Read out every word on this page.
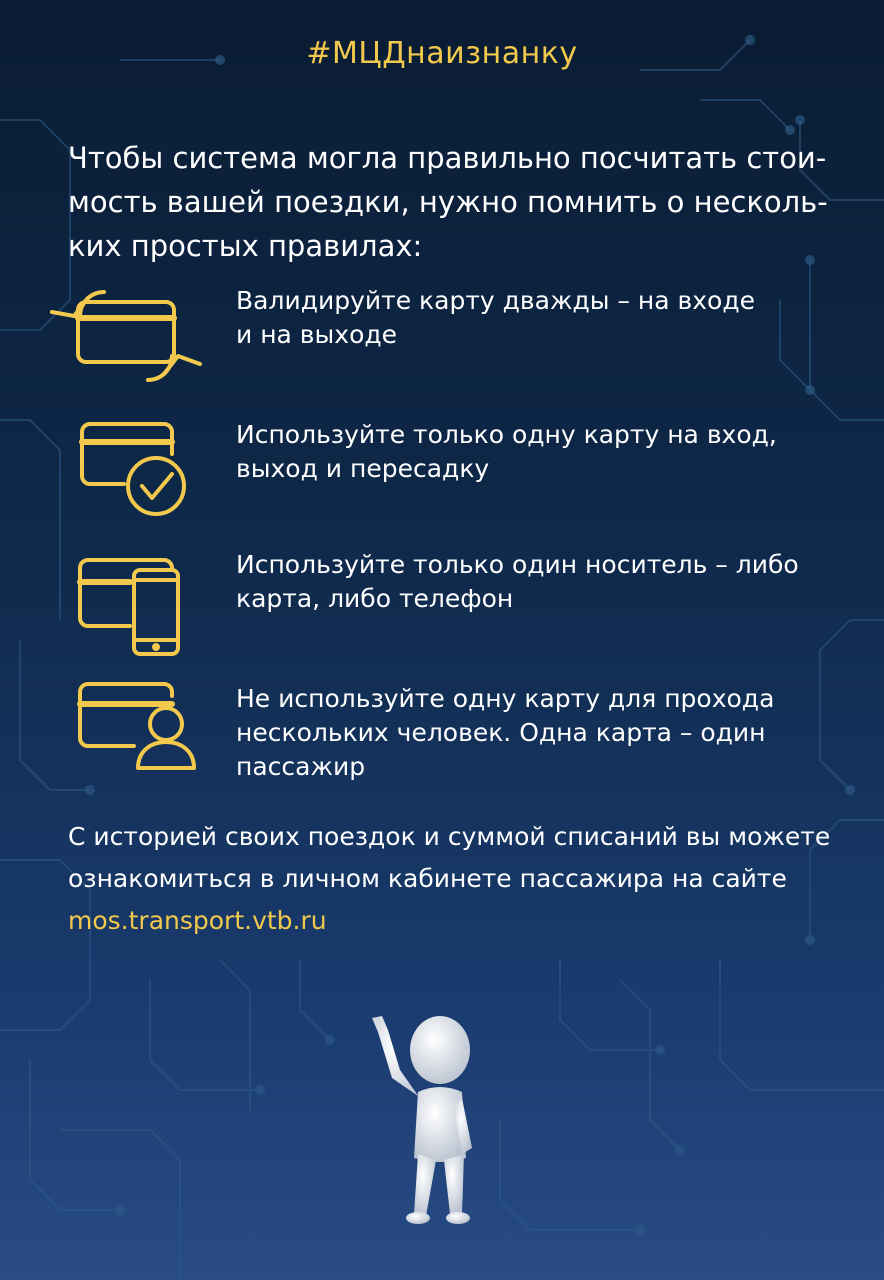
#МЦДнаизнанку
Чтобы система могла правильно посчитать стои-
мость вашей поездки, нужно помнить о несколь-
ких простых правилах:
Валидируйте карту дважды – на входе
и на выходе
Используйте только одну карту на вход,
выход и пересадку
Используйте только один носитель – либо
карта, либо телефон
Не используйте одну карту для прохода
нескольких человек. Одна карта – один
пассажир
С историей своих поездок и суммой списаний вы можете ознакомиться в личном кабинете пассажира на сайте mos.transport.vtb.ru
